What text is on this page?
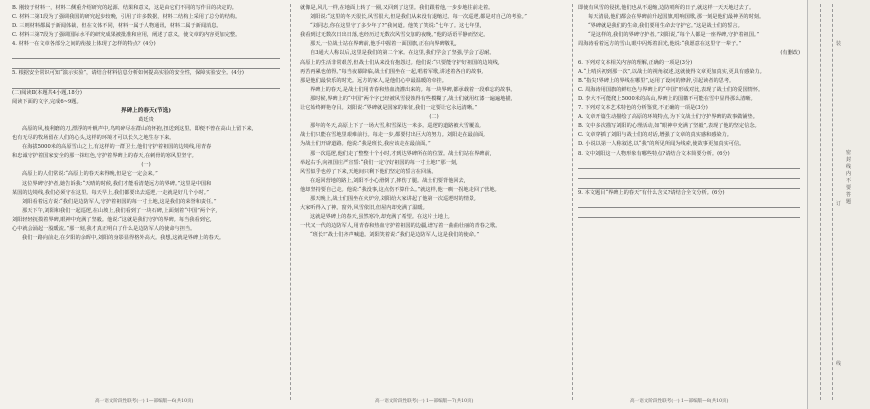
B. 刚较于材料一，材料二侧重介绍研究的起源、结果和意义，这是由它们不同的写作目的决定的。

C. 材料二第1段为了强调我国的研究起步较晚，引用了许多数据，材料二结构上采用了总分的结构。

D. 三则材料都属于新闻体裁，但在文体不同，材料一属于人物通讯，材料二属于新闻消息。

C. 材料三第7段为了强调国际水平的研究成果被批准和应用，阐述了意义，使文章的内容更加完整。

4. 材料一在文章各部分之间的衔接上体现了怎样的特点？(4分)

5. 根据安全常识可知“演示实验”，请结合材料信息分析如何提高实验的安全性，保障实验安全。(4分)

(二)阅读Ⅱ(本题共4小题,18分)

阅读下面的文字,完成6~9题。

界碑上的春天(节选)

葛廷贵

高原的风,棱利磨的刀,漂浮的叶帆声中,鸟鸣碎尽在群山的怀抱,扭送到这里。即便不曾在高山上留下来,

也有无尽的牧场留在人们的心头,这样的环境才可以长久之地生存下来。

在海拔5000米的高原雪山之上,有这样的一群卫士,他们守护着祖国的边境线,用青春

和忠诚守护着国家安全的那一抹红色,守护着界碑上的春天,在刺骨的寒风里坚守。

(一)

高原上的人们常说:“高原上的春天来得晚,但是它一定会来。”

这位界碑守护者,她告诉我:“天晴的时候,我们才能看清楚远方的界碑。”这里是中国和

某国的边境线,我们必须守在这里。每天早上,我们都要出去巡逻,一走就是好几个小时。”

刘阳看着远方说:“我们是边防军人,守护着祖国的每一寸土地,这是我们的荣誉和责任。”

那天下午,刘阳和我们一起巡逻,在山坡上,我们看到了一块石碑,上面刻着“中国”两个字,

刘阳轻轻抚摸着界碑,眼神中充满了坚毅。他说:“这就是我们守护的界碑。每当我看到它,

心中就会涌起一股暖流。”那一刻,我才真正明白了什么是边防军人的使命与担当。

我们一路向前走,在夕阳的余晖中,刘阳的身影显得格外高大。我想,这就是界碑上的春天。

高一语文阶段性联考(一) 1—部编版—6(共10页)

就像是,风儿一样,在地面上转了一圈,又回到了这里。我们跟着他,一步步地往前走着。

刘阳说:“这里的冬天很长,风雪很大,但是我们从来没有退缩过。每一次巡逻,都是对自己的考验。”

“刘同志,你在这里守了多少年了?”我问道。他笑了笑说:“七年了。这七年里,

我看到过无数次日出日落,也经历过无数次风雪交加的夜晚。”他的话语平静而坚定。

那天,一位战士站在界碑前,他手中握着一面国旗,正在向界碑敬礼,

自3通大人称以后,这里是我们的第二个家。在这里,我们学会了坚强,学会了忍耐。

高原上的生活非常艰苦,但战士们从来没有抱怨过。他们说:“只要能守护好祖国的边境线,

再苦再累也值得。”每当夜幕降临,战士们围坐在一起,唱着军歌,讲述着各自的故事,

那是他们最快乐的时光。远方的家人,是他们心中最温暖的牵挂。

界碑上的春天,是战士们用青春和热血浇灌出来的。每一块界碑,都承载着一段难忘的故事。

那时候,界碑上的“中国”两个字已经被风雪侵蚀得有些模糊了,战士们就用红漆一遍遍地描,

让它始终鲜艳夺目。刘阳说:“界碑就是国家的象征,我们一定要让它永远清晰。”

(二)

那年的冬天,高原上下了一场大雪,积雪深达一米多。巡逻的道路被大雪覆盖,

战士们只能在雪地里艰难前行。每走一步,都要付出巨大的努力。刘阳走在最前面,

为战士们开辟道路。他说:“我是班长,我应该走在最前面。”

那一次巡逻,他们走了整整十个小时,才到达界碑所在的位置。战士们站在界碑前,

举起右手,向祖国庄严宣誓:“我们一定守好祖国的每一寸土地!”那一刻,

风雪似乎也停了下来,天地间只剩下他们坚定的誓言在回荡。

在返回营地的路上,刘阳不小心滑倒了,摔伤了腿。战士们要背他回去,

他却坚持要自己走。他说:“我没事,这点伤不算什么。”就这样,他一瘸一拐地走回了营地。

那天晚上,战士们围坐在火炉旁,刘阳给大家讲起了他第一次巡逻时的情景,

大家听得入了神。窗外,风雪依旧,但屋内却充满了温暖。

这就是界碑上的春天,虽然寒冷,却充满了希望。在这片土地上,

一代又一代的边防军人,用青春和热血守护着祖国的边疆,谱写着一曲曲壮丽的青春之歌。

“班长!”战士们齐声喊道。刘阳笑着说:“我们是边防军人,这是我们的使命。”

高一语文阶段性联考(一) 1—部编版—7(共10页)

即使有风雪的侵扰,他们也从不退缩,边防哨所的日子,就这样一天天地过去了。

每天清晨,他们都会在界碑前升起国旗,唱响国歌,那一刻是他们最神圣的时刻。

“界碑就是我们的生命,我们要用生命去守护它。”这是战士们的誓言。

“是这样的,我们的界碑守护者。”刘阳说,“每个人都是一座界碑,守护着祖国。”

周海涛看着远方的雪山,眼中闪烁着泪光,他说:“我愿意在这里守一辈子。”

(有删改)

6. 下列对文本相关内容的理解,正确的一项是(3分)

A.“上哨兵初到那一次”,以战士的视角叙述,这就使得文章更加真实,更具有感染力。

B.“指尖!界碑上的界线在哪里”,运用了设问的修辞,引起读者的思考。

C. 周海涛用国旗的鲜红色与界碑上的“中国”形成对比,表现了战士们的爱国情怀。

D. 李大不可能爬上5000米的高山,界碑上的国徽不可能在雪中显得那么清晰。

7. 下列对文本艺术特色的分析鉴赏,不正确的一项是(3分)

A. 文章开篇生动描绘了高原的环境特点,为下文战士们守护界碑的故事做铺垫。

B. 文中多次描写刘阳的心理活动,如“眼神中充满了坚毅”,表现了他的坚定信念。

C. 文章穿插了刘阳与战士们的对话,增强了文章的真实感和感染力。

D. 小说以第一人称叙述,以“我”的所见所闻为线索,使故事更加真实可信。

8. 文中刘阳这一人物形象有哪些特点?请结合文本简要分析。(6分)

9. 本文题目“界碑上的春天”有什么含义?请结合全文分析。(6分)

高一语文阶段性联考(一) 1—部编版—8(共10页)
装
订
线
密封线内不要答题
